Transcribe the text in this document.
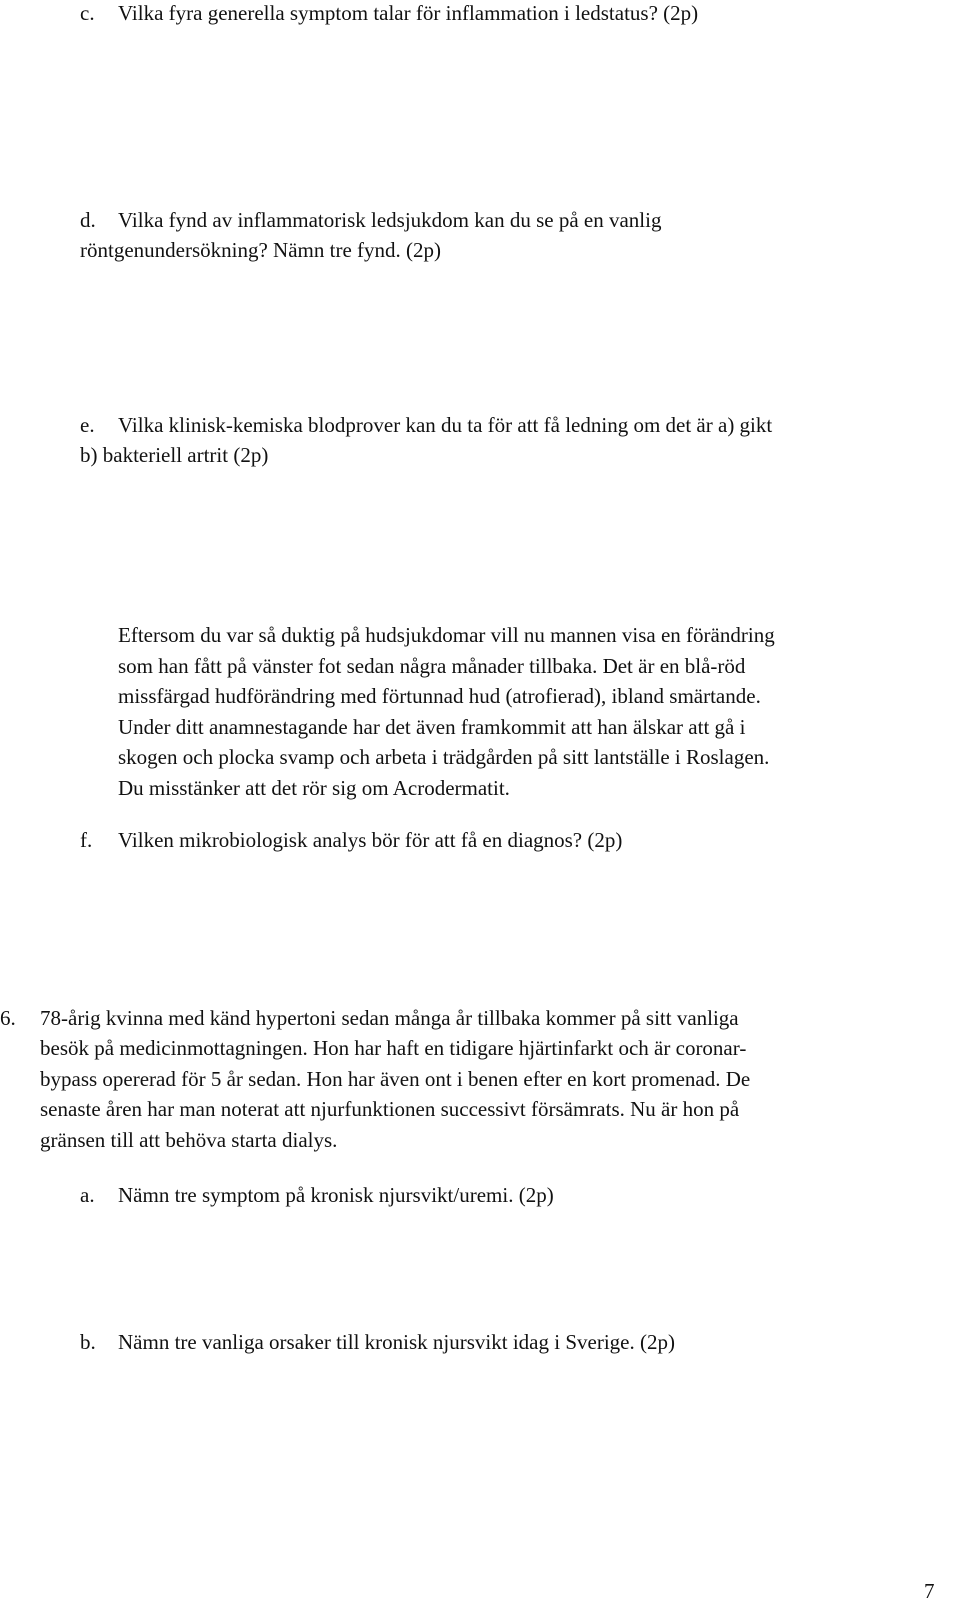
c. Vilka fyra generella symptom talar för inflammation i ledstatus? (2p)
d. Vilka fynd av inflammatorisk ledsjukdom kan du se på en vanlig
röntgenundersökning? Nämn tre fynd. (2p)
e. Vilka klinisk-kemiska blodprover kan du ta för att få ledning om det är a) gikt
b) bakteriell artrit (2p)
Eftersom du var så duktig på hudsjukdomar vill nu mannen visa en förändring
som han fått på vänster fot sedan några månader tillbaka. Det är en blå-röd
missfärgad hudförändring med förtunnad hud (atrofierad), ibland smärtande.
Under ditt anamnestagande har det även framkommit att han älskar att gå i
skogen och plocka svamp och arbeta i trädgården på sitt lantställe i Roslagen.
Du misstänker att det rör sig om Acrodermatit.
f. Vilken mikrobiologisk analys bör för att få en diagnos? (2p)
6. 78-årig kvinna med känd hypertoni sedan många år tillbaka kommer på sitt vanliga
besök på medicinmottagningen. Hon har haft en tidigare hjärtinfarkt och är coronar-
bypass opererad för 5 år sedan. Hon har även ont i benen efter en kort promenad. De
senaste åren har man noterat att njurfunktionen successivt försämrats. Nu är hon på
gränsen till att behöva starta dialys.
a. Nämn tre symptom på kronisk njursvikt/uremi. (2p)
b. Nämn tre vanliga orsaker till kronisk njursvikt idag i Sverige. (2p)
7
